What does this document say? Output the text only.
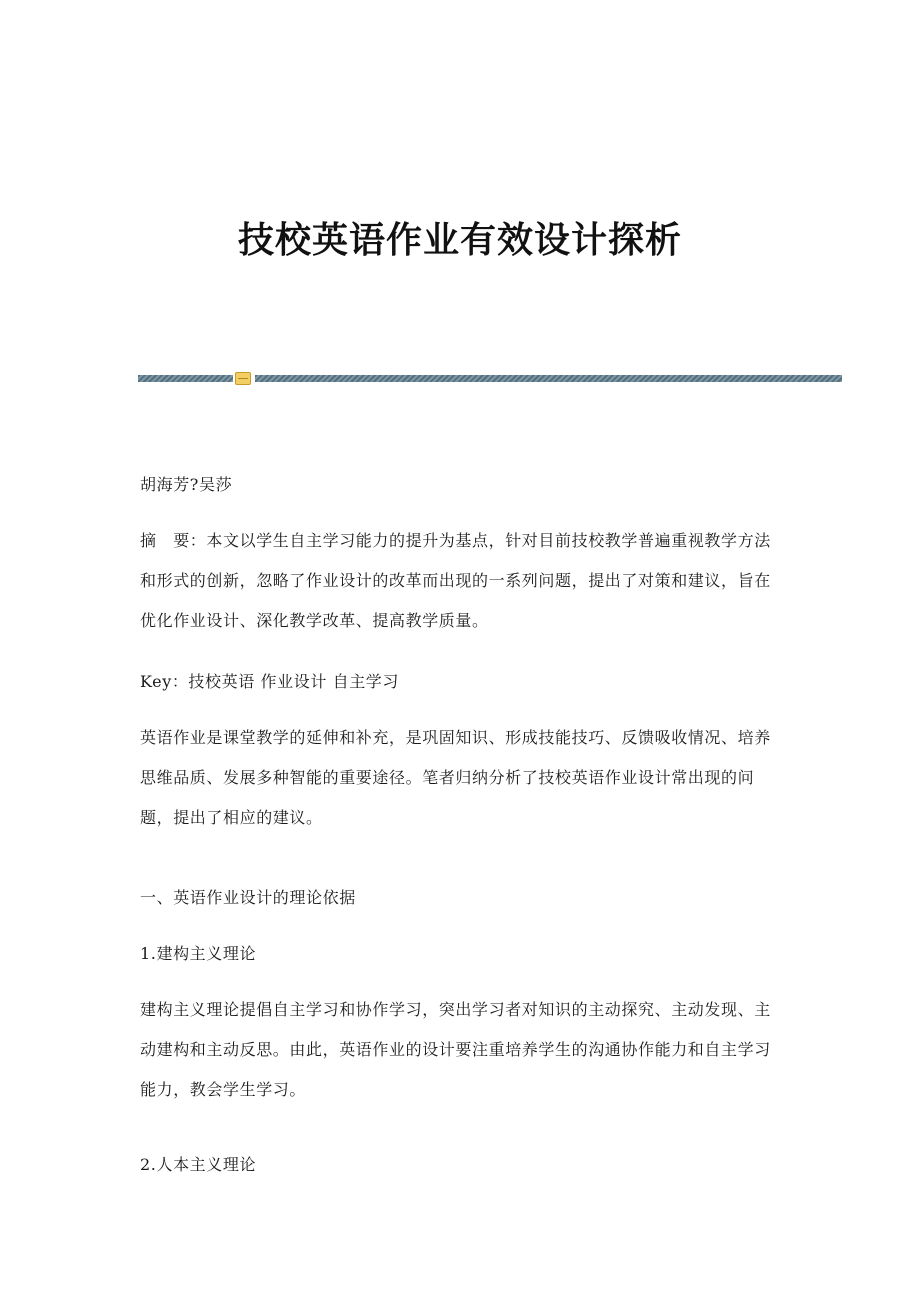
技校英语作业有效设计探析

胡海芳?吴莎

摘　要：本文以学生自主学习能力的提升为基点，针对目前技校教学普遍重视教学方法和形式的创新，忽略了作业设计的改革而出现的一系列问题，提出了对策和建议，旨在优化作业设计、深化教学改革、提高教学质量。

Key：技校英语 作业设计 自主学习

英语作业是课堂教学的延伸和补充，是巩固知识、形成技能技巧、反馈吸收情况、培养思维品质、发展多种智能的重要途径。笔者归纳分析了技校英语作业设计常出现的问题，提出了相应的建议。

一、英语作业设计的理论依据

1.建构主义理论

建构主义理论提倡自主学习和协作学习，突出学习者对知识的主动探究、主动发现、主动建构和主动反思。由此，英语作业的设计要注重培养学生的沟通协作能力和自主学习能力，教会学生学习。

2.人本主义理论
